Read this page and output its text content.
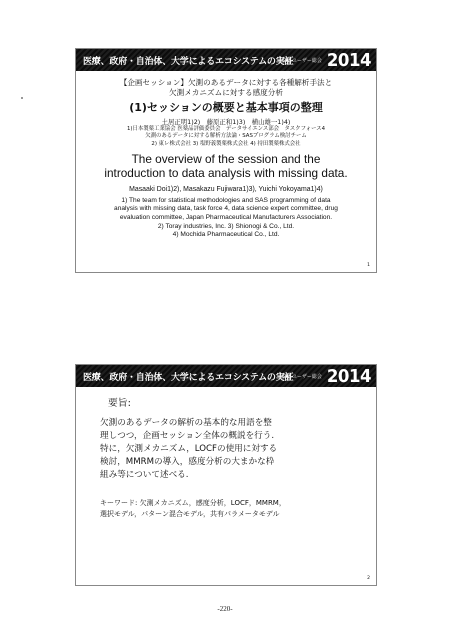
医療、政府・自治体、大学によるエコシステムの実証
SASユーザー総会 2014
【企画セッション】欠測のあるデータに対する各種解析手法と
欠測メカニズムに対する感度分析
(1)セッションの概要と基本事項の整理
土居正明1)2)　藤原正和1)3)　横山雄一1)4)
1)日本製薬工業協会 医薬品評価委員会　データサイエンス部会　タスクフォース4
欠測のあるデータに対する解析方法論・SASプログラム検討チーム
2) 東レ株式会社 3) 塩野義製薬株式会社 4) 持田製薬株式会社
The overview of the session and the
introduction to data analysis with missing data.
Masaaki Doi1)2), Masakazu Fujiwara1)3), Yuichi Yokoyama1)4)
1) The team for statistical methodologies and SAS programming of data
analysis with missing data, task force 4, data science expert committee, drug
evaluation committee, Japan Pharmaceutical Manufacturers Association.
2) Toray industries, Inc. 3) Shionogi & Co., Ltd.
4) Mochida Pharmaceutical Co., Ltd.
1
医療、政府・自治体、大学によるエコシステムの実証
SASユーザー総会 2014
要旨:
欠測のあるデータの解析の基本的な用語を整
理しつつ，企画セッション全体の概説を行う.
特に，欠測メカニズム，LOCFの使用に対する
検討，MMRMの導入，感度分析の大まかな枠
組み等について述べる.
キーワード: 欠測メカニズム，感度分析，LOCF，MMRM，
選択モデル，パターン混合モデル，共有パラメータモデル
2
-220-
